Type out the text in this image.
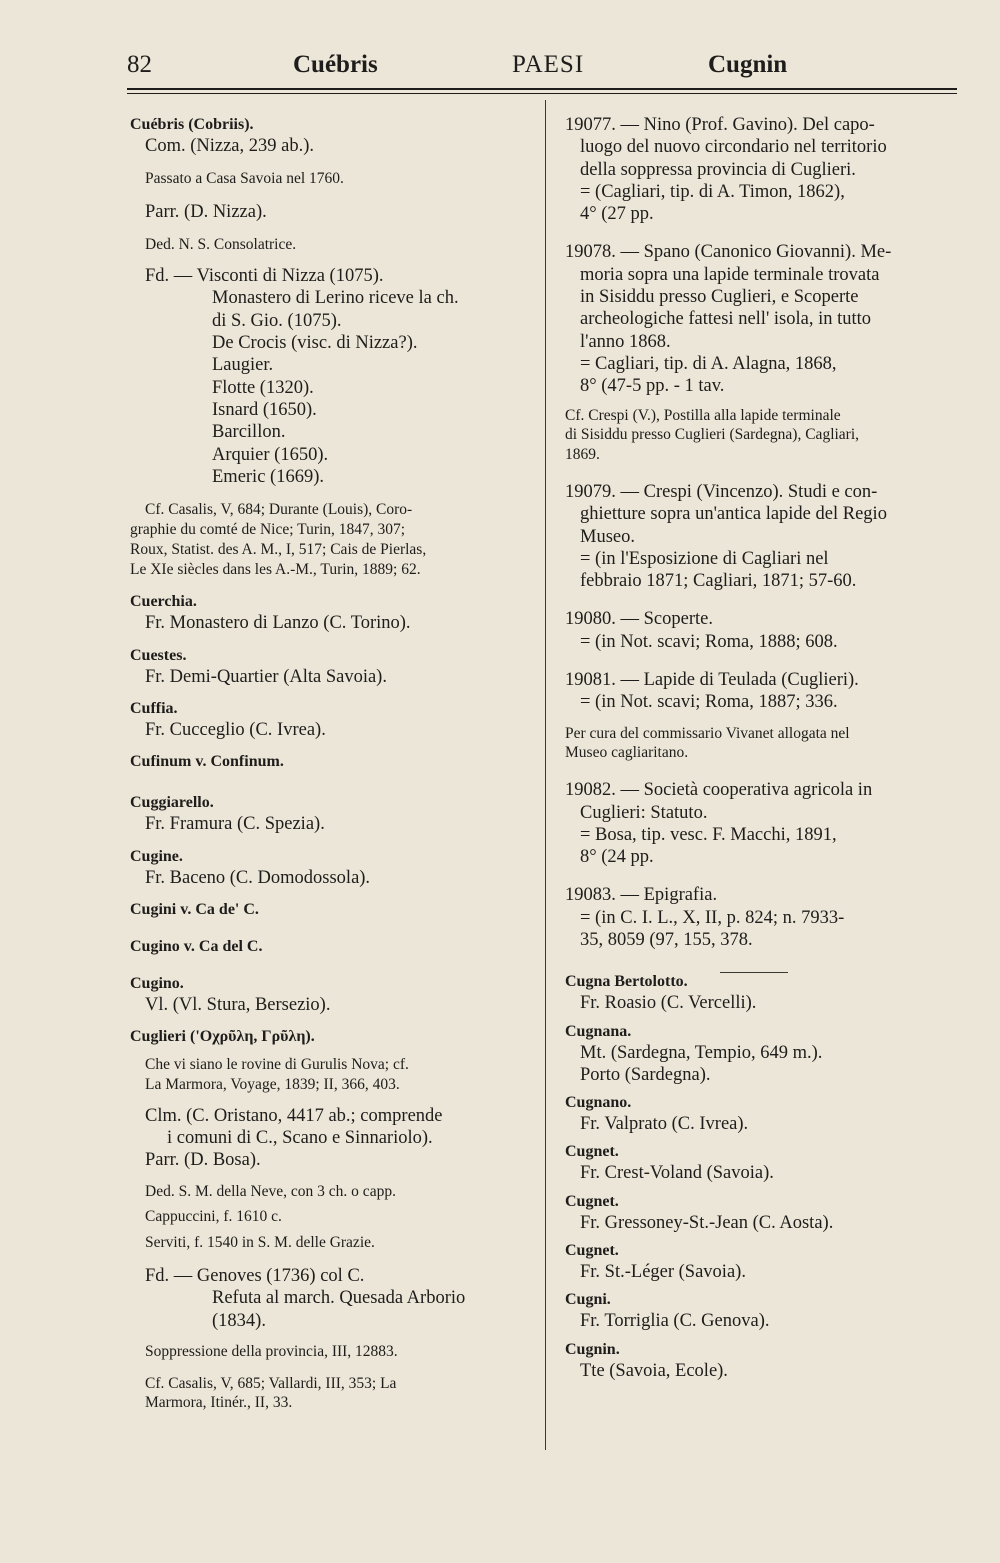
82	Cuébris	PAESI	Cugnin

Cuébris (Cobriis).

Com. (Nizza, 239 ab.).

Passato a Casa Savoia nel 1760.

Parr. (D. Nizza).

Ded. N. S. Consolatrice.

Fd. — Visconti di Nizza (1075).

Monastero di Lerino riceve la ch.

di S. Gio. (1075).

De Crocis (visc. di Nizza?).

Laugier.

Flotte (1320).

Isnard (1650).

Barcillon.

Arquier (1650).

Emeric (1669).

Cf. Casalis, V, 684; Durante (Louis), Coro-

graphie du comté de Nice; Turin, 1847, 307;

Roux, Statist. des A. M., I, 517; Cais de Pierlas,

Le XIe siècles dans les A.-M., Turin, 1889; 62.

Cuerchia.

Fr. Monastero di Lanzo (C. Torino).

Cuestes.

Fr. Demi-Quartier (Alta Savoia).

Cuffia.

Fr. Cucceglio (C. Ivrea).

Cufinum v. Confinum.

Cuggiarello.

Fr. Framura (C. Spezia).

Cugine.

Fr. Baceno (C. Domodossola).

Cugini v. Ca de' C.

Cugino v. Ca del C.

Cugino.

Vl. (Vl. Stura, Bersezio).

Cuglieri ('Οχρῦλη, Γρῦλη).

Che vi siano le rovine di Gurulis Nova; cf.

La Marmora, Voyage, 1839; II, 366, 403.

Clm. (C. Oristano, 4417 ab.; comprende

i comuni di C., Scano e Sinnariolo).

Parr. (D. Bosa).

Ded. S. M. della Neve, con 3 ch. o capp.

Cappuccini, f. 1610 c.

Serviti, f. 1540 in S. M. delle Grazie.

Fd. — Genoves (1736) col C.

Refuta al march. Quesada Arborio

(1834).

Soppressione della provincia, III, 12883.

Cf. Casalis, V, 685; Vallardi, III, 353; La

Marmora, Itinér., II, 33.

19077. — Nino (Prof. Gavino). Del capo-

luogo del nuovo circondario nel territorio

della soppressa provincia di Cuglieri.

= (Cagliari, tip. di A. Timon, 1862),

4° (27 pp.

19078. — Spano (Canonico Giovanni). Me-

moria sopra una lapide terminale trovata

in Sisiddu presso Cuglieri, e Scoperte

archeologiche fattesi nell' isola, in tutto

l'anno 1868.

= Cagliari, tip. di A. Alagna, 1868,

8° (47-5 pp. - 1 tav.

Cf. Crespi (V.), Postilla alla lapide terminale

di Sisiddu presso Cuglieri (Sardegna), Cagliari,

1869.

19079. — Crespi (Vincenzo). Studi e con-

ghietture sopra un'antica lapide del Regio

Museo.

= (in l'Esposizione di Cagliari nel

febbraio 1871; Cagliari, 1871; 57-60.

19080. — Scoperte.

= (in Not. scavi; Roma, 1888; 608.

19081. — Lapide di Teulada (Cuglieri).

= (in Not. scavi; Roma, 1887; 336.

Per cura del commissario Vivanet allogata nel

Museo cagliaritano.

19082. — Società cooperativa agricola in

Cuglieri: Statuto.

= Bosa, tip. vesc. F. Macchi, 1891,

8° (24 pp.

19083. — Epigrafia.

= (in C. I. L., X, II, p. 824; n. 7933-

35, 8059 (97, 155, 378.

Cugna Bertolotto.

Fr. Roasio (C. Vercelli).

Cugnana.

Mt. (Sardegna, Tempio, 649 m.).

Porto (Sardegna).

Cugnano.

Fr. Valprato (C. Ivrea).

Cugnet.

Fr. Crest-Voland (Savoia).

Cugnet.

Fr. Gressoney-St.-Jean (C. Aosta).

Cugnet.

Fr. St.-Léger (Savoia).

Cugni.

Fr. Torriglia (C. Genova).

Cugnin.

Tte (Savoia, Ecole).
